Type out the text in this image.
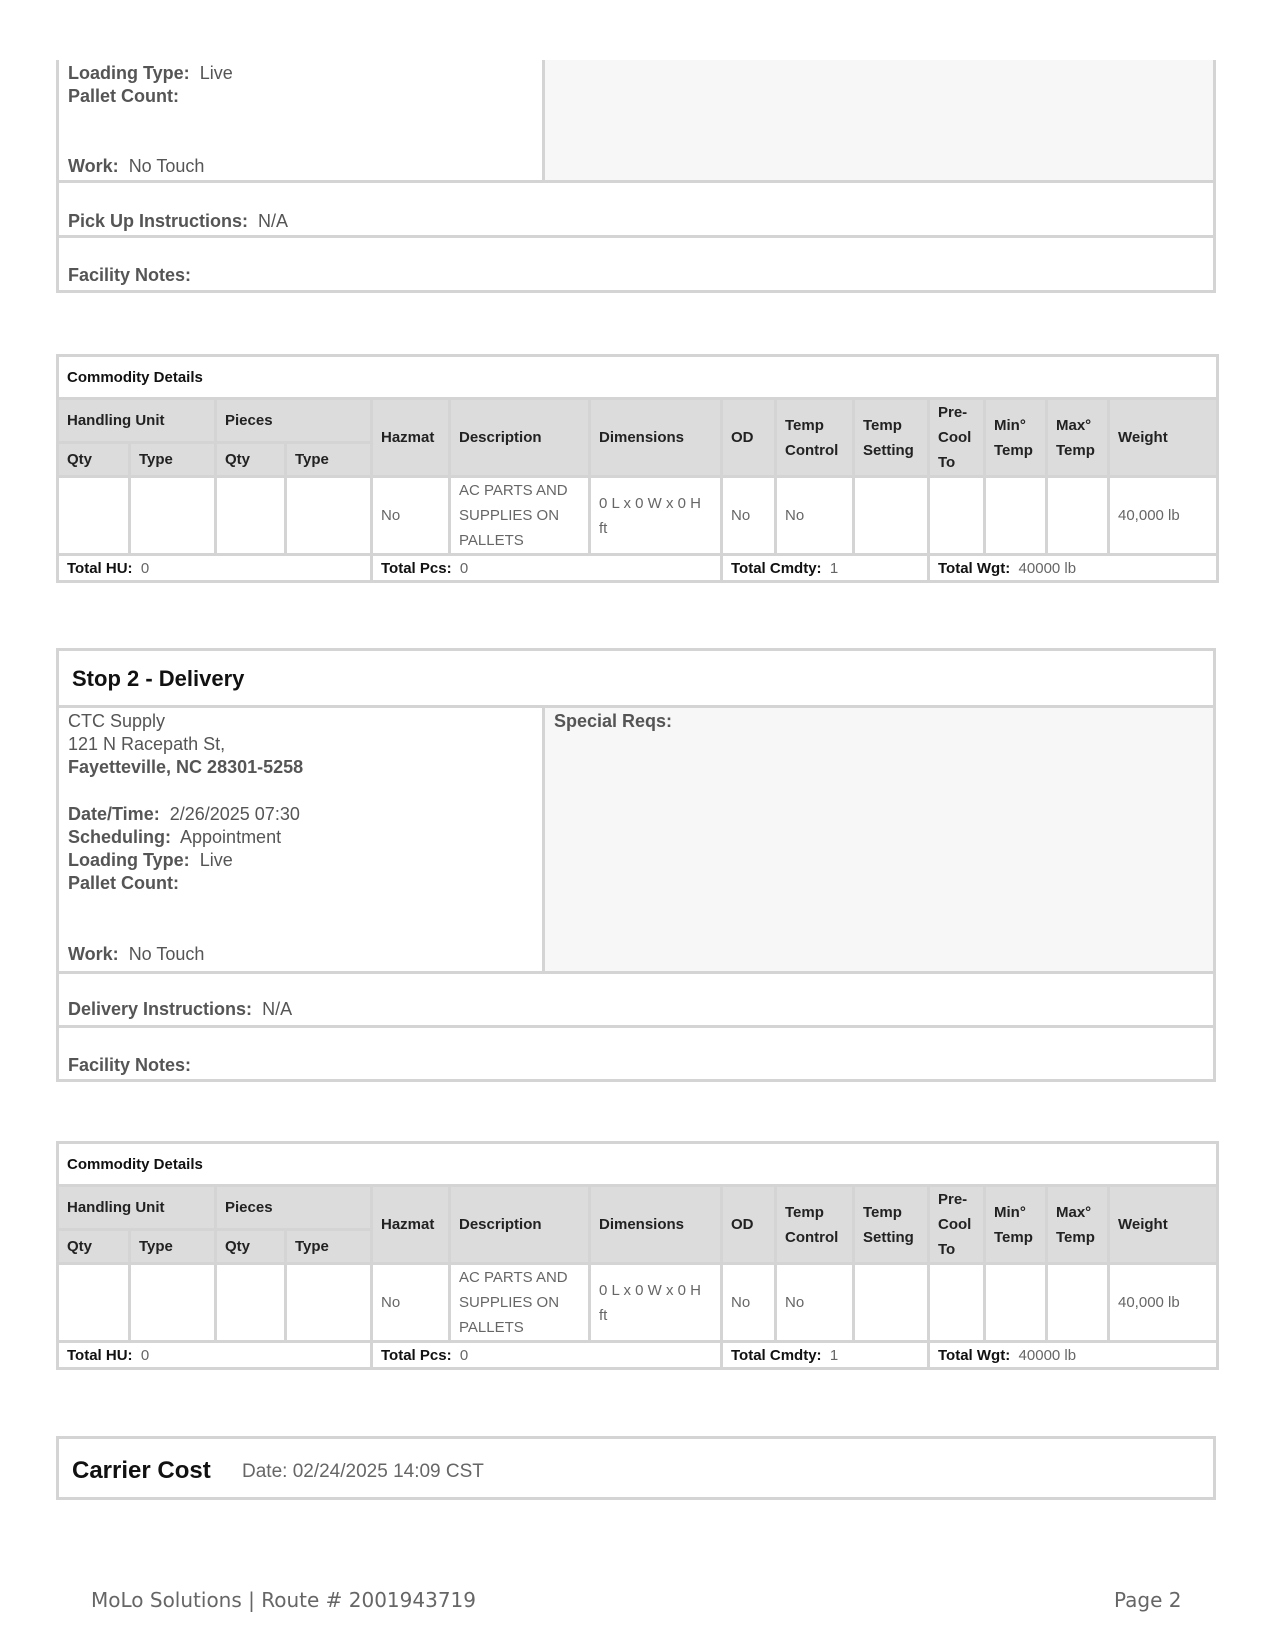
Loading Type: Live
Pallet Count:
Work: No Touch
Pick Up Instructions: N/A
Facility Notes:
Commodity Details													
Handling Unit		Pieces		Hazmat	Description	Dimensions	OD	Temp Control	Temp Setting	Pre-Cool To	Min° Temp	Max° Temp	Weight
Qty	Type	Qty	Type										
				No	AC PARTS AND SUPPLIES ON PALLETS	0 L x 0 W x 0 H ft	No	No					40,000 lb
Total HU: 0				Total Pcs: 0			Total Cmdty: 1			Total Wgt: 40000 lb			
Stop 2 - Delivery
CTC Supply
121 N Racepath St,
Fayetteville, NC 28301-5258
Date/Time: 2/26/2025 07:30
Scheduling: Appointment
Loading Type: Live
Pallet Count:
Work: No Touch
Special Reqs:
Delivery Instructions: N/A
Facility Notes:
Commodity Details													
Handling Unit		Pieces		Hazmat	Description	Dimensions	OD	Temp Control	Temp Setting	Pre-Cool To	Min° Temp	Max° Temp	Weight
Qty	Type	Qty	Type										
				No	AC PARTS AND SUPPLIES ON PALLETS	0 L x 0 W x 0 H ft	No	No					40,000 lb
Total HU: 0				Total Pcs: 0			Total Cmdty: 1			Total Wgt: 40000 lb			
Carrier Cost Date: 02/24/2025 14:09 CST
MoLo Solutions | Route # 2001943719	Page 2
